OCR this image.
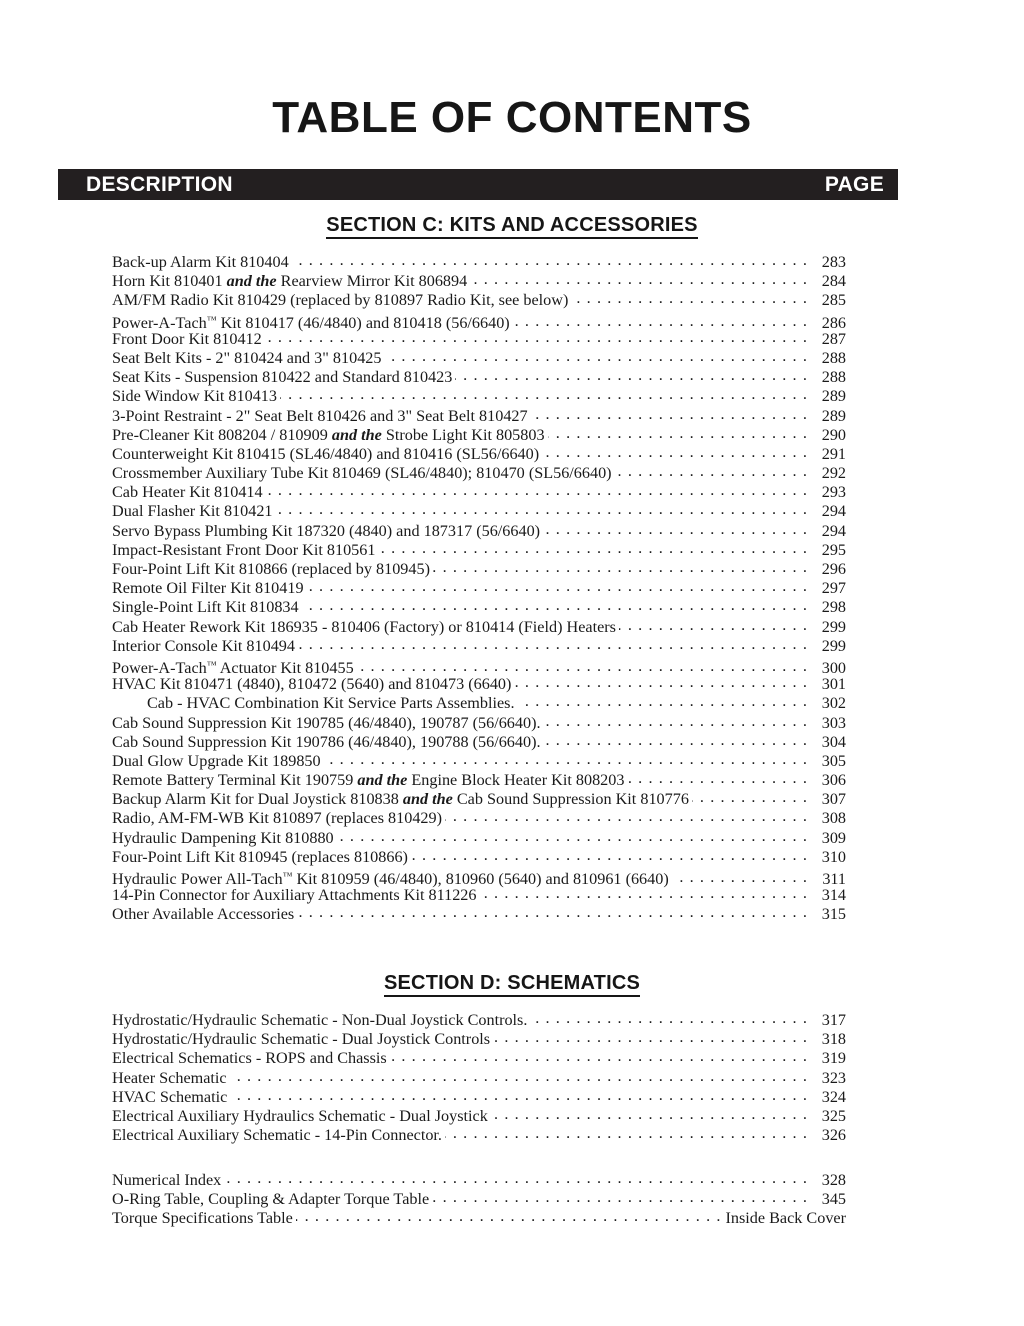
TABLE OF CONTENTS
DESCRIPTION	PAGE
SECTION C: KITS AND ACCESSORIES
Back-up Alarm Kit 810404 . . .	283
Horn Kit 810401 and the Rearview Mirror Kit 806894 . . .	284
AM/FM Radio Kit 810429 (replaced by 810897 Radio Kit, see below) . . .	285
Power-A-Tach™ Kit 810417 (46/4840) and 810418 (56/6640) . . .	286
Front Door Kit 810412 . . .	287
Seat Belt Kits - 2" 810424 and 3" 810425 . . .	288
Seat Kits - Suspension 810422 and Standard 810423 . . .	288
Side Window Kit 810413 . . .	289
3-Point Restraint - 2" Seat Belt 810426 and 3" Seat Belt 810427 . . .	289
Pre-Cleaner Kit 808204 / 810909 and the Strobe Light Kit 805803 . . .	290
Counterweight Kit 810415 (SL46/4840) and 810416 (SL56/6640) . . .	291
Crossmember Auxiliary Tube Kit 810469 (SL46/4840); 810470 (SL56/6640) . . .	292
Cab Heater Kit 810414 . . .	293
Dual Flasher Kit 810421 . . .	294
Servo Bypass Plumbing Kit 187320 (4840) and 187317 (56/6640) . . .	294
Impact-Resistant Front Door Kit 810561 . . .	295
Four-Point Lift Kit 810866 (replaced by 810945) . . .	296
Remote Oil Filter Kit 810419 . . .	297
Single-Point Lift Kit 810834 . . .	298
Cab Heater Rework Kit 186935 - 810406 (Factory) or 810414 (Field) Heaters . . .	299
Interior Console Kit 810494 . . .	299
Power-A-Tach™ Actuator Kit 810455 . . .	300
HVAC Kit 810471 (4840), 810472 (5640) and 810473 (6640) . . .	301
Cab - HVAC Combination Kit Service Parts Assemblies. . . .	302
Cab Sound Suppression Kit 190785 (46/4840), 190787 (56/6640). . . .	303
Cab Sound Suppression Kit 190786 (46/4840), 190788 (56/6640). . . .	304
Dual Glow Upgrade Kit 189850 . . .	305
Remote Battery Terminal Kit 190759 and the Engine Block Heater Kit 808203 . . .	306
Backup Alarm Kit for Dual Joystick 810838 and the Cab Sound Suppression Kit 810776 . . .	307
Radio, AM-FM-WB Kit 810897 (replaces 810429) . . .	308
Hydraulic Dampening Kit 810880 . . .	309
Four-Point Lift Kit 810945 (replaces 810866) . . .	310
Hydraulic Power All-Tach™ Kit 810959 (46/4840), 810960 (5640) and 810961 (6640) . . .	311
14-Pin Connector for Auxiliary Attachments Kit 811226 . . .	314
Other Available Accessories . . .	315
SECTION D: SCHEMATICS
Hydrostatic/Hydraulic Schematic - Non-Dual Joystick Controls. . . .	317
Hydrostatic/Hydraulic Schematic - Dual Joystick Controls . . .	318
Electrical Schematics - ROPS and Chassis . . .	319
Heater Schematic . . .	323
HVAC Schematic . . .	324
Electrical Auxiliary Hydraulics Schematic - Dual Joystick . . .	325
Electrical Auxiliary Schematic - 14-Pin Connector. . . .	326
Numerical Index . . .	328
O-Ring Table, Coupling & Adapter Torque Table . . .	345
Torque Specifications Table . . .	Inside Back Cover
